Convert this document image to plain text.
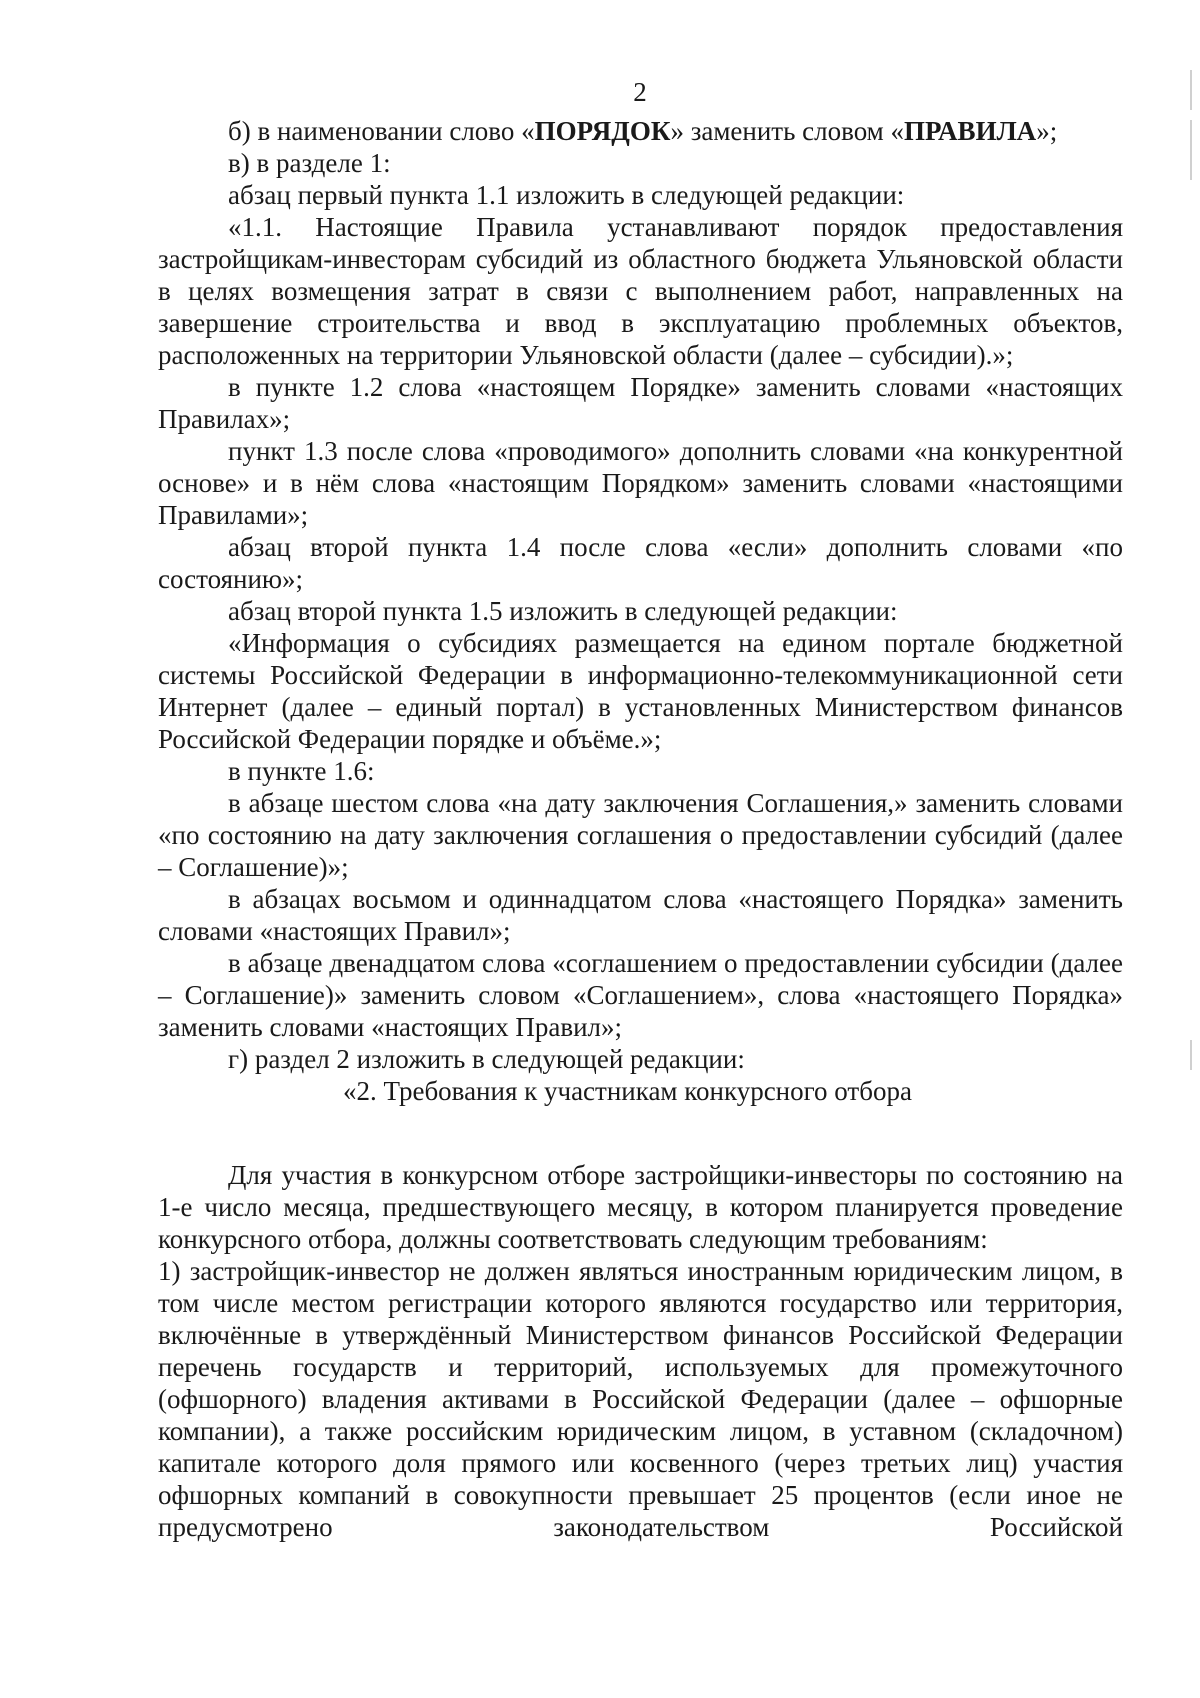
2

б) в наименовании слово «ПОРЯДОК» заменить словом «ПРАВИЛА»;

в) в разделе 1:

абзац первый пункта 1.1 изложить в следующей редакции:

«1.1. Настоящие Правила устанавливают порядок предоставления застройщикам-инвесторам субсидий из областного бюджета Ульяновской области в целях возмещения затрат в связи с выполнением работ, направленных на завершение строительства и ввод в эксплуатацию проблемных объектов, расположенных на территории Ульяновской области (далее – субсидии).»;

в пункте 1.2 слова «настоящем Порядке» заменить словами «настоящих Правилах»;

пункт 1.3 после слова «проводимого» дополнить словами «на конкурентной основе» и в нём слова «настоящим Порядком» заменить словами «настоящими Правилами»;

абзац второй пункта 1.4 после слова «если» дополнить словами «по состоянию»;

абзац второй пункта 1.5 изложить в следующей редакции:

«Информация о субсидиях размещается на едином портале бюджетной системы Российской Федерации в информационно-телекоммуникационной сети Интернет (далее – единый портал) в установленных Министерством финансов Российской Федерации порядке и объёме.»;

в пункте 1.6:

в абзаце шестом слова «на дату заключения Соглашения,» заменить словами «по состоянию на дату заключения соглашения о предоставлении субсидий (далее – Соглашение)»;

в абзацах восьмом и одиннадцатом слова «настоящего Порядка» заменить словами «настоящих Правил»;

в абзаце двенадцатом слова «соглашением о предоставлении субсидии (далее – Соглашение)» заменить словом «Соглашением», слова «настоящего Порядка» заменить словами «настоящих Правил»;

г) раздел 2 изложить в следующей редакции:

«2. Требования к участникам конкурсного отбора

Для участия в конкурсном отборе застройщики-инвесторы по состоянию на 1-е число месяца, предшествующего месяцу, в котором планируется проведение конкурсного отбора, должны соответствовать следующим требованиям:

1) застройщик-инвестор не должен являться иностранным юридическим лицом, в том числе местом регистрации которого являются государство или территория, включённые в утверждённый Министерством финансов Российской Федерации перечень государств и территорий, используемых для промежуточного (офшорного) владения активами в Российской Федерации (далее – офшорные компании), а также российским юридическим лицом, в уставном (складочном) капитале которого доля прямого или косвенного (через третьих лиц) участия офшорных компаний в совокупности превышает 25 процентов (если иное не предусмотрено законодательством Российской
